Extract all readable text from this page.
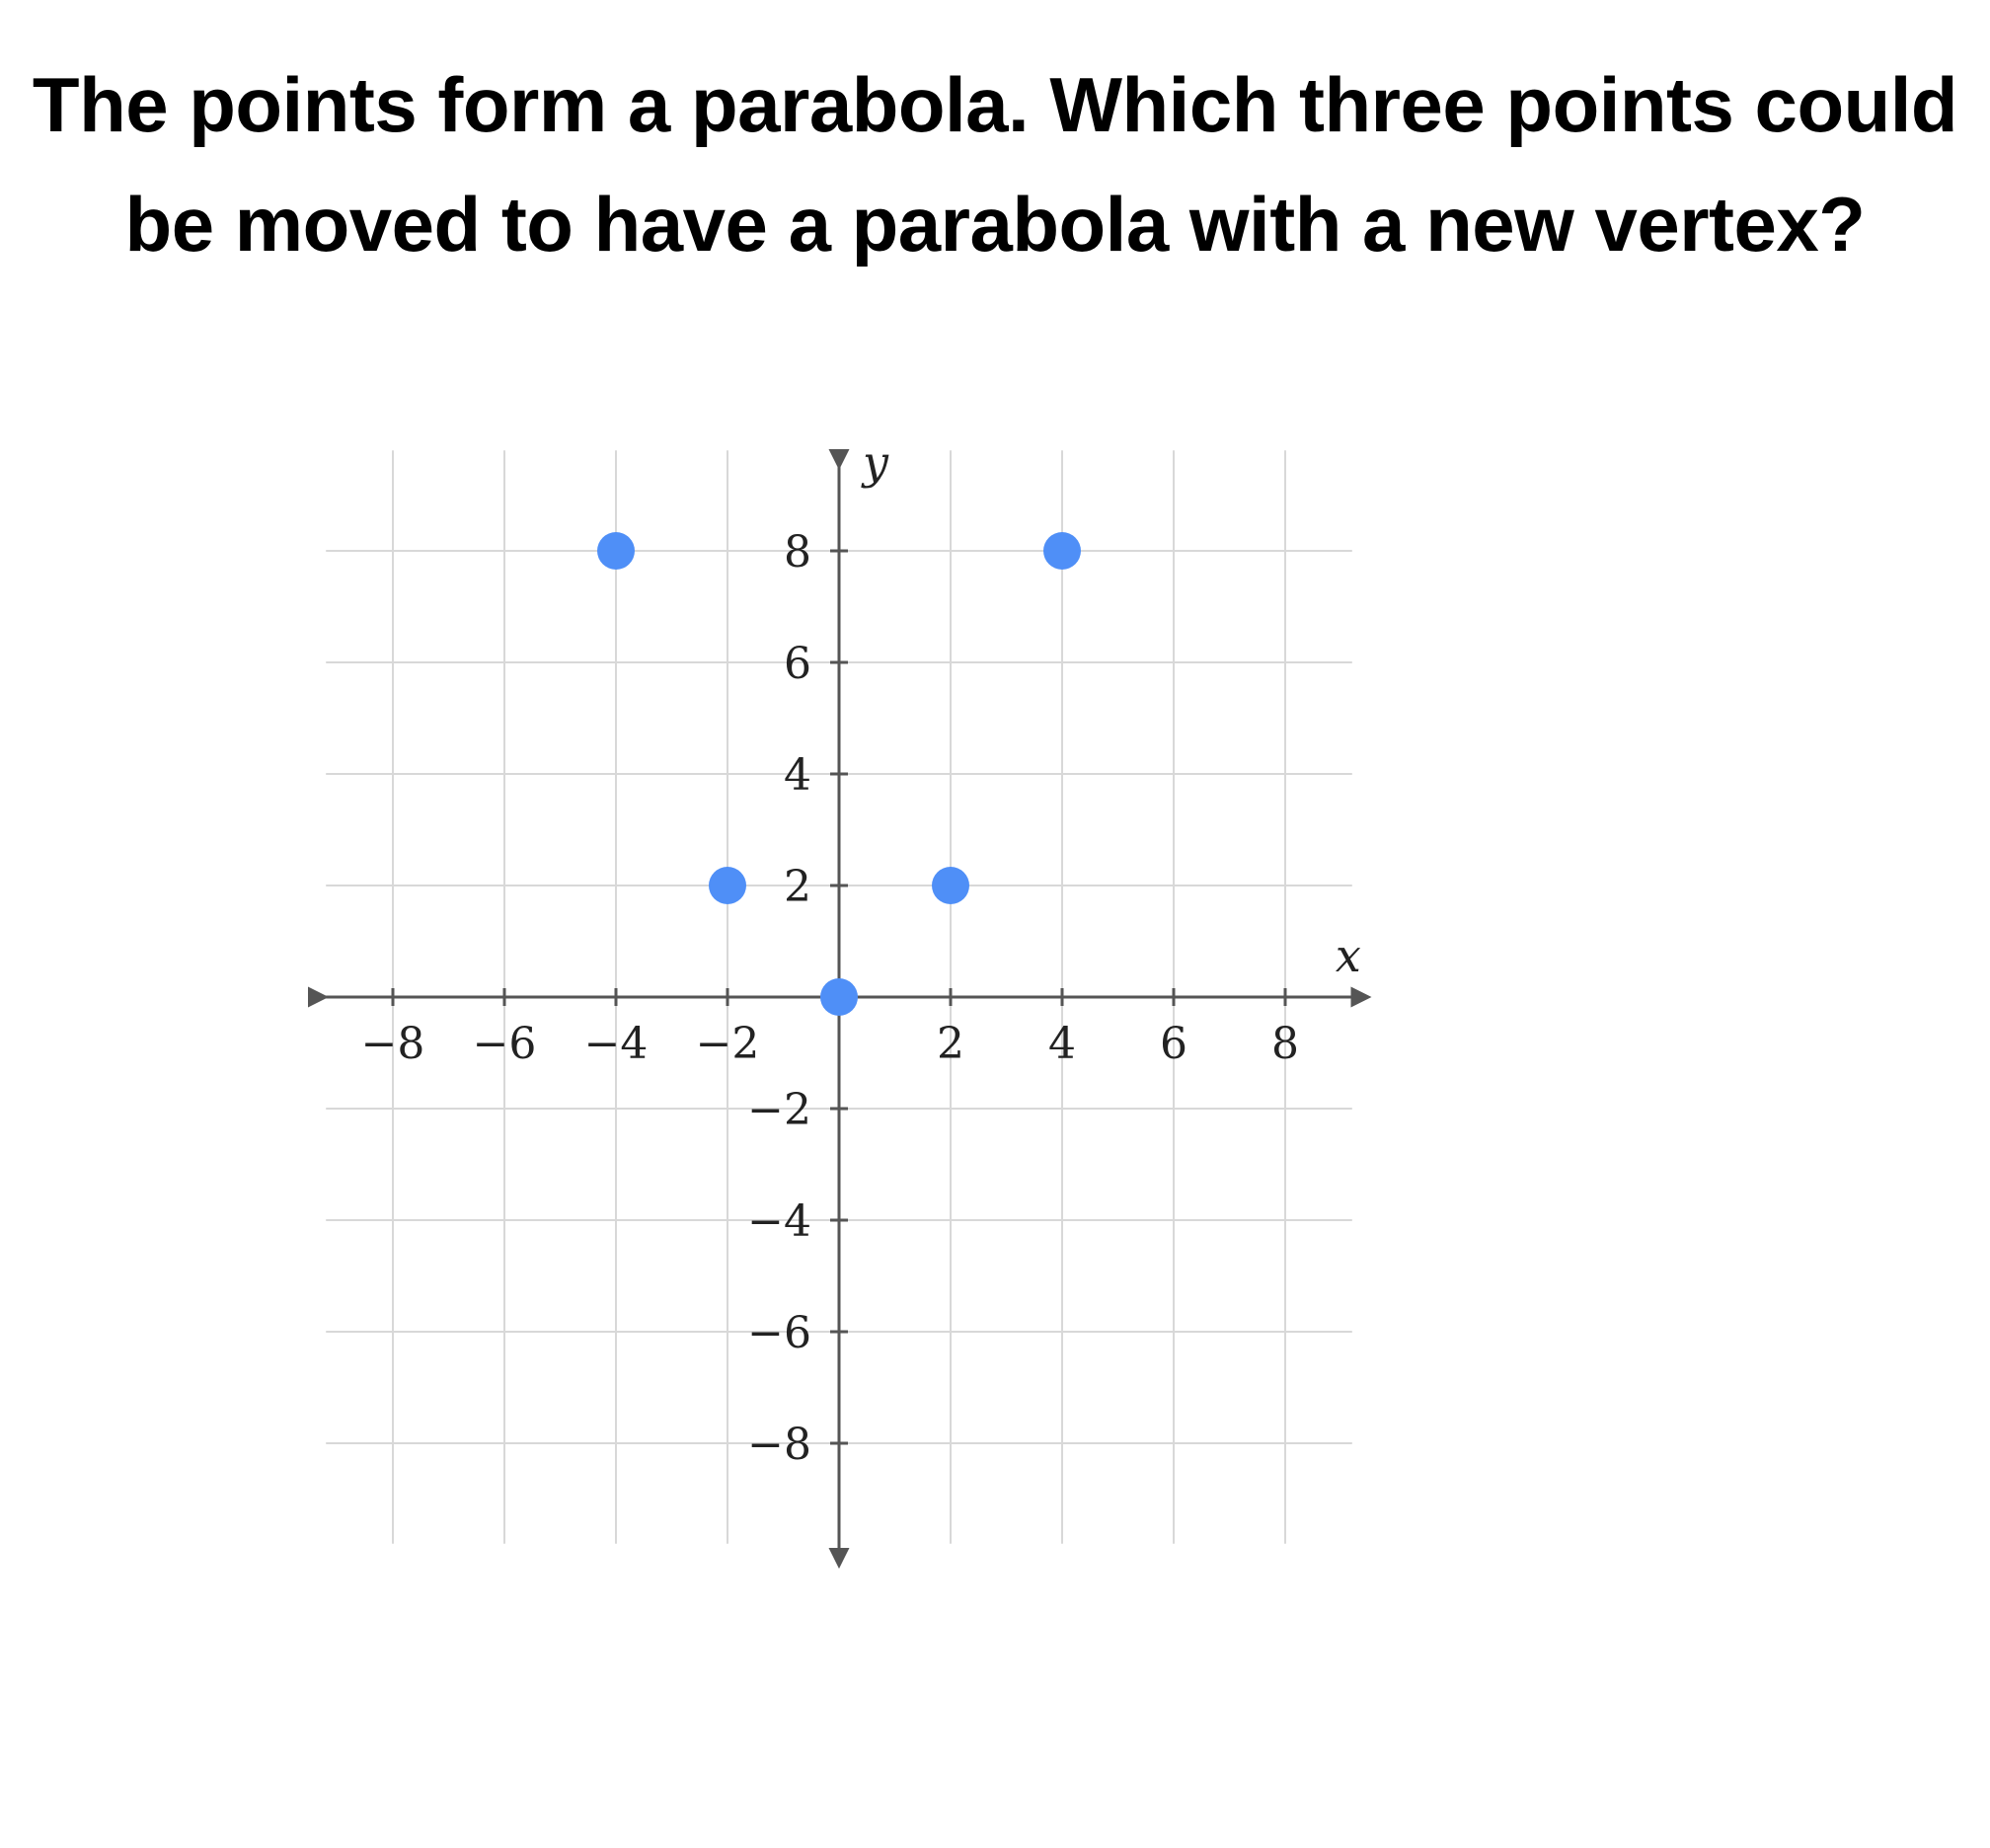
The points form a parabola. Which three points could be moved to have a parabola with a new vertex?
−8 −6 −4 −2	2 4 6 8
8
6
4
2
−2
−4
−6
−8
y
x
